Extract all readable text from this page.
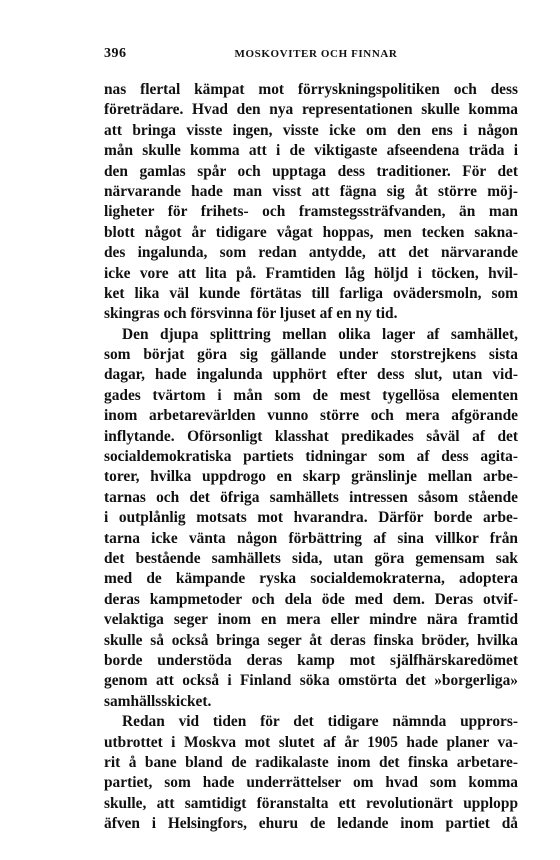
396	MOSKOVITER OCH FINNAR
nas flertal kämpat mot förryskningspolitiken och dess
företrädare. Hvad den nya representationen skulle komma
att bringa visste ingen, visste icke om den ens i någon
mån skulle komma att i de viktigaste afseendena träda i
den gamlas spår och upptaga dess traditioner. För det
närvarande hade man visst att fägna sig åt större möj-
ligheter för frihets- och framstegssträfvanden, än man
blott något år tidigare vågat hoppas, men tecken sakna-
des ingalunda, som redan antydde, att det närvarande
icke vore att lita på. Framtiden låg höljd i töcken, hvil-
ket lika väl kunde förtätas till farliga ovädersmoln, som
skingras och försvinna för ljuset af en ny tid.
Den djupa splittring mellan olika lager af samhället,
som börjat göra sig gällande under storstrejkens sista
dagar, hade ingalunda upphört efter dess slut, utan vid-
gades tvärtom i mån som de mest tygellösa elementen
inom arbetarevärlden vunno större och mera afgörande
inflytande. Oförsonligt klasshat predikades såväl af det
socialdemokratiska partiets tidningar som af dess agita-
torer, hvilka uppdrogo en skarp gränslinje mellan arbe-
tarnas och det öfriga samhällets intressen såsom stående
i outplånlig motsats mot hvarandra. Därför borde arbe-
tarna icke vänta någon förbättring af sina villkor från
det bestående samhällets sida, utan göra gemensam sak
med de kämpande ryska socialdemokraterna, adoptera
deras kampmetoder och dela öde med dem. Deras otvif-
velaktiga seger inom en mera eller mindre nära framtid
skulle så också bringa seger åt deras finska bröder, hvilka
borde understöda deras kamp mot själfhärskaredömet
genom att också i Finland söka omstörta det »borgerliga»
samhällsskicket.
Redan vid tiden för det tidigare nämnda upprors-
utbrottet i Moskva mot slutet af år 1905 hade planer va-
rit å bane bland de radikalaste inom det finska arbetare-
partiet, som hade underrättelser om hvad som komma
skulle, att samtidigt föranstalta ett revolutionärt upplopp
äfven i Helsingfors, ehuru de ledande inom partiet då
